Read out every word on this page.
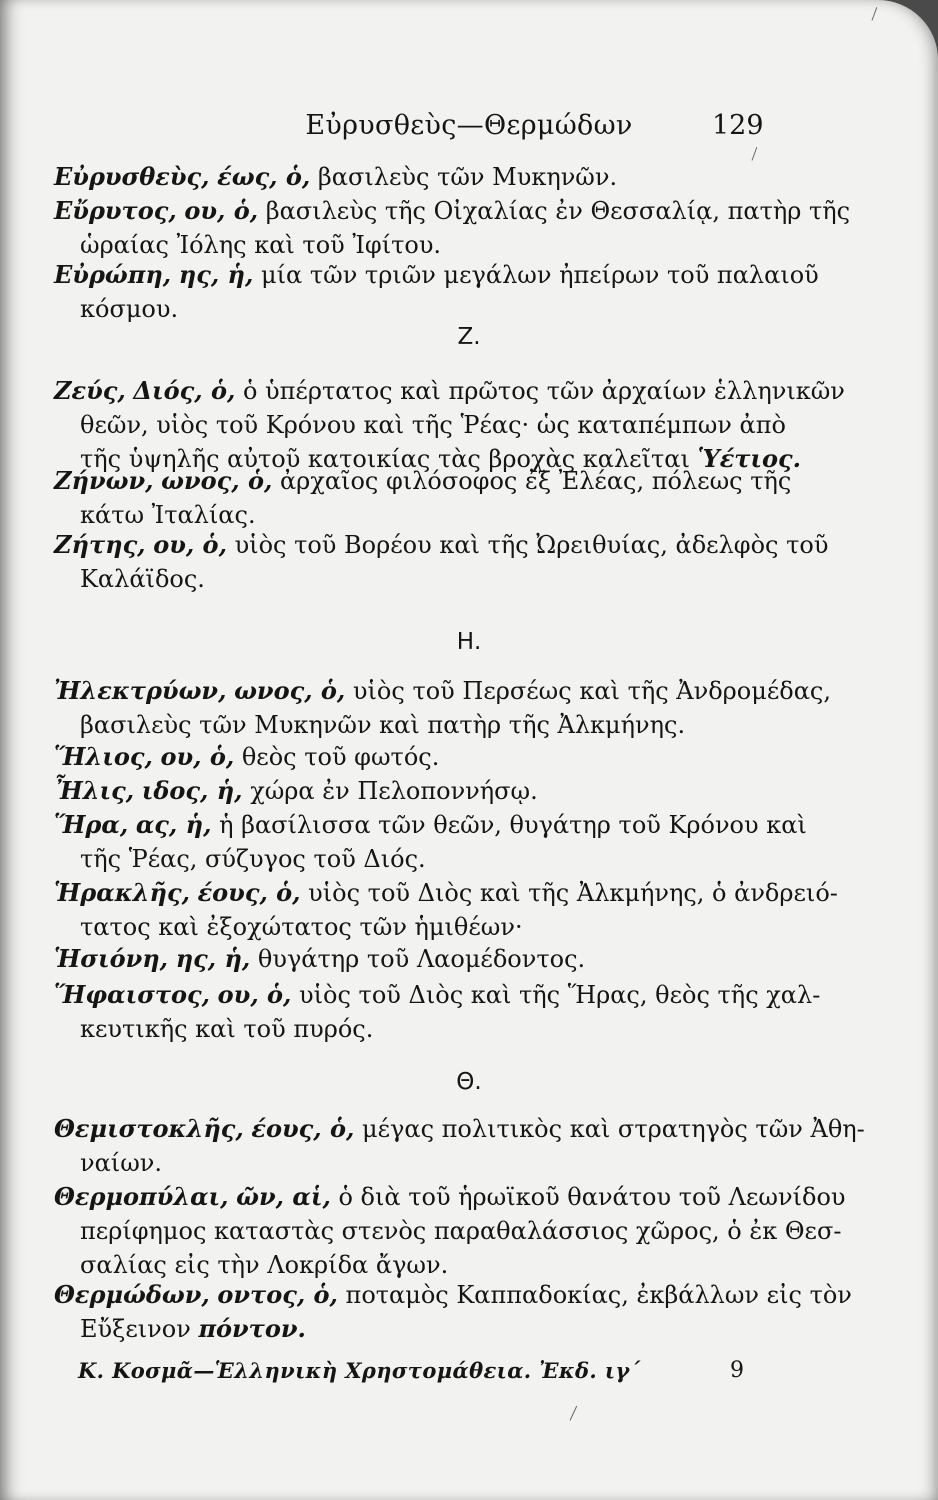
Εὐρυσθεὺς—Θερμώδων	129
Εὐρυσθεὺς, έως, ὁ, βασιλεὺς τῶν Μυκηνῶν.
Εὔρυτος, ου, ὁ, βασιλεὺς τῆς Οἰχαλίας ἐν Θεσσαλίᾳ, πατὴρ τῆς
ὡραίας Ἰόλης καὶ τοῦ Ἰφίτου.
Εὐρώπη, ης, ἡ, μία τῶν τριῶν μεγάλων ἠπείρων τοῦ παλαιοῦ
κόσμου.
Ζ.
Ζεύς, Διός, ὁ, ὁ ὑπέρτατος καὶ πρῶτος τῶν ἀρχαίων ἑλληνικῶν
θεῶν, υἱὸς τοῦ Κρόνου καὶ τῆς Ῥέας· ὡς καταπέμπων ἀπὸ
τῆς ὑψηλῆς αὐτοῦ κατοικίας τὰς βροχὰς καλεῖται Ὑέτιος.
Ζήνων, ωνος, ὁ, ἀρχαῖος φιλόσοφος ἐξ Ἐλέας, πόλεως τῆς
κάτω Ἰταλίας.
Ζήτης, ου, ὁ, υἱὸς τοῦ Βορέου καὶ τῆς Ὠρειθυίας, ἀδελφὸς τοῦ
Καλάϊδος.
Η.
Ἠλεκτρύων, ωνος, ὁ, υἱὸς τοῦ Περσέως καὶ τῆς Ἀνδρομέδας,
βασιλεὺς τῶν Μυκηνῶν καὶ πατὴρ τῆς Ἀλκμήνης.
Ἥλιος, ου, ὁ, θεὸς τοῦ φωτός.
Ἦλις, ιδος, ἡ, χώρα ἐν Πελοποννήσῳ.
Ἥρα, ας, ἡ, ἡ βασίλισσα τῶν θεῶν, θυγάτηρ τοῦ Κρόνου καὶ
τῆς Ῥέας, σύζυγος τοῦ Διός.
Ἡρακλῆς, έους, ὁ, υἱὸς τοῦ Διὸς καὶ τῆς Ἀλκμήνης, ὁ ἀνδρειό-
τατος καὶ ἐξοχώτατος τῶν ἡμιθέων·
Ἡσιόνη, ης, ἡ, θυγάτηρ τοῦ Λαομέδοντος.
Ἥφαιστος, ου, ὁ, υἱὸς τοῦ Διὸς καὶ τῆς Ἥρας, θεὸς τῆς χαλ-
κευτικῆς καὶ τοῦ πυρός.
Θ.
Θεμιστοκλῆς, έους, ὁ, μέγας πολιτικὸς καὶ στρατηγὸς τῶν Ἀθη-
ναίων.
Θερμοπύλαι, ῶν, αἱ, ὁ διὰ τοῦ ἡρωϊκοῦ θανάτου τοῦ Λεωνίδου
περίφημος καταστὰς στενὸς παραθαλάσσιος χῶρος, ὁ ἐκ Θεσ-
σαλίας εἰς τὴν Λοκρίδα ἄγων.
Θερμώδων, οντος, ὁ, ποταμὸς Καππαδοκίας, ἐκβάλλων εἰς τὸν
Εὔξεινον πόντον.
Κ. Κοσμᾶ—Ἑλληνικὴ Χρηστομάθεια. Ἐκδ. ιγ´	9
